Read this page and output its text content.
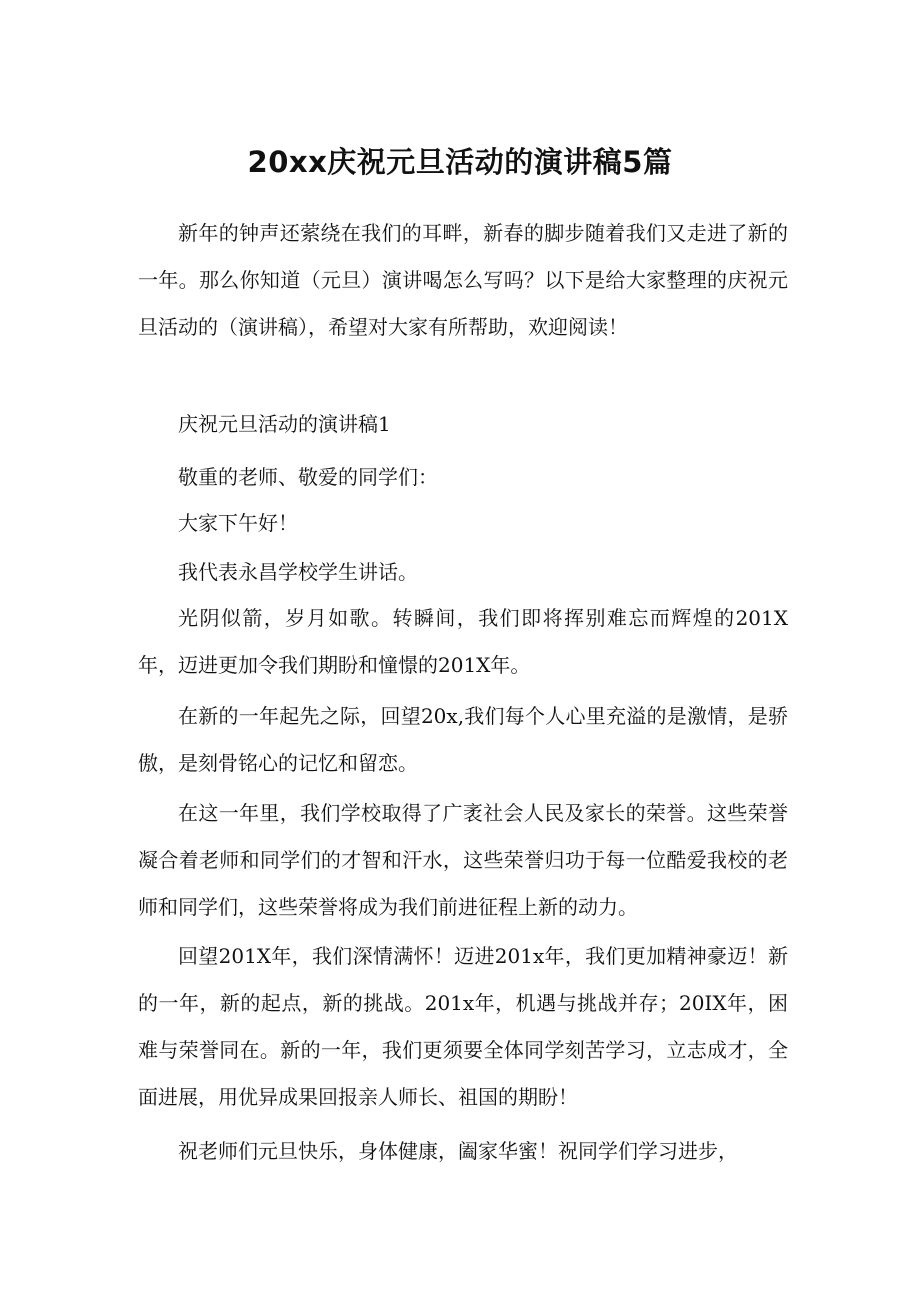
20xx庆祝元旦活动的演讲稿5篇

新年的钟声还萦绕在我们的耳畔，新春的脚步随着我们又走进了新的一年。那么你知道（元旦）演讲喝怎么写吗？以下是给大家整理的庆祝元旦活动的（演讲稿），希望对大家有所帮助，欢迎阅读！

庆祝元旦活动的演讲稿1

敬重的老师、敬爱的同学们：

大家下午好！

我代表永昌学校学生讲话。

光阴似箭，岁月如歌。转瞬间，我们即将挥别难忘而辉煌的201X年，迈进更加令我们期盼和憧憬的201X年。

在新的一年起先之际，回望20x,我们每个人心里充溢的是激情，是骄傲，是刻骨铭心的记忆和留恋。

在这一年里，我们学校取得了广袤社会人民及家长的荣誉。这些荣誉凝合着老师和同学们的才智和汗水，这些荣誉归功于每一位酷爱我校的老师和同学们，这些荣誉将成为我们前进征程上新的动力。

回望201X年，我们深情满怀！迈进201x年，我们更加精神豪迈！新的一年，新的起点，新的挑战。201x年，机遇与挑战并存；20IX年，困难与荣誉同在。新的一年，我们更须要全体同学刻苦学习，立志成才，全面进展，用优异成果回报亲人师长、祖国的期盼！

祝老师们元旦快乐，身体健康，阖家华蜜！祝同学们学习进步，
